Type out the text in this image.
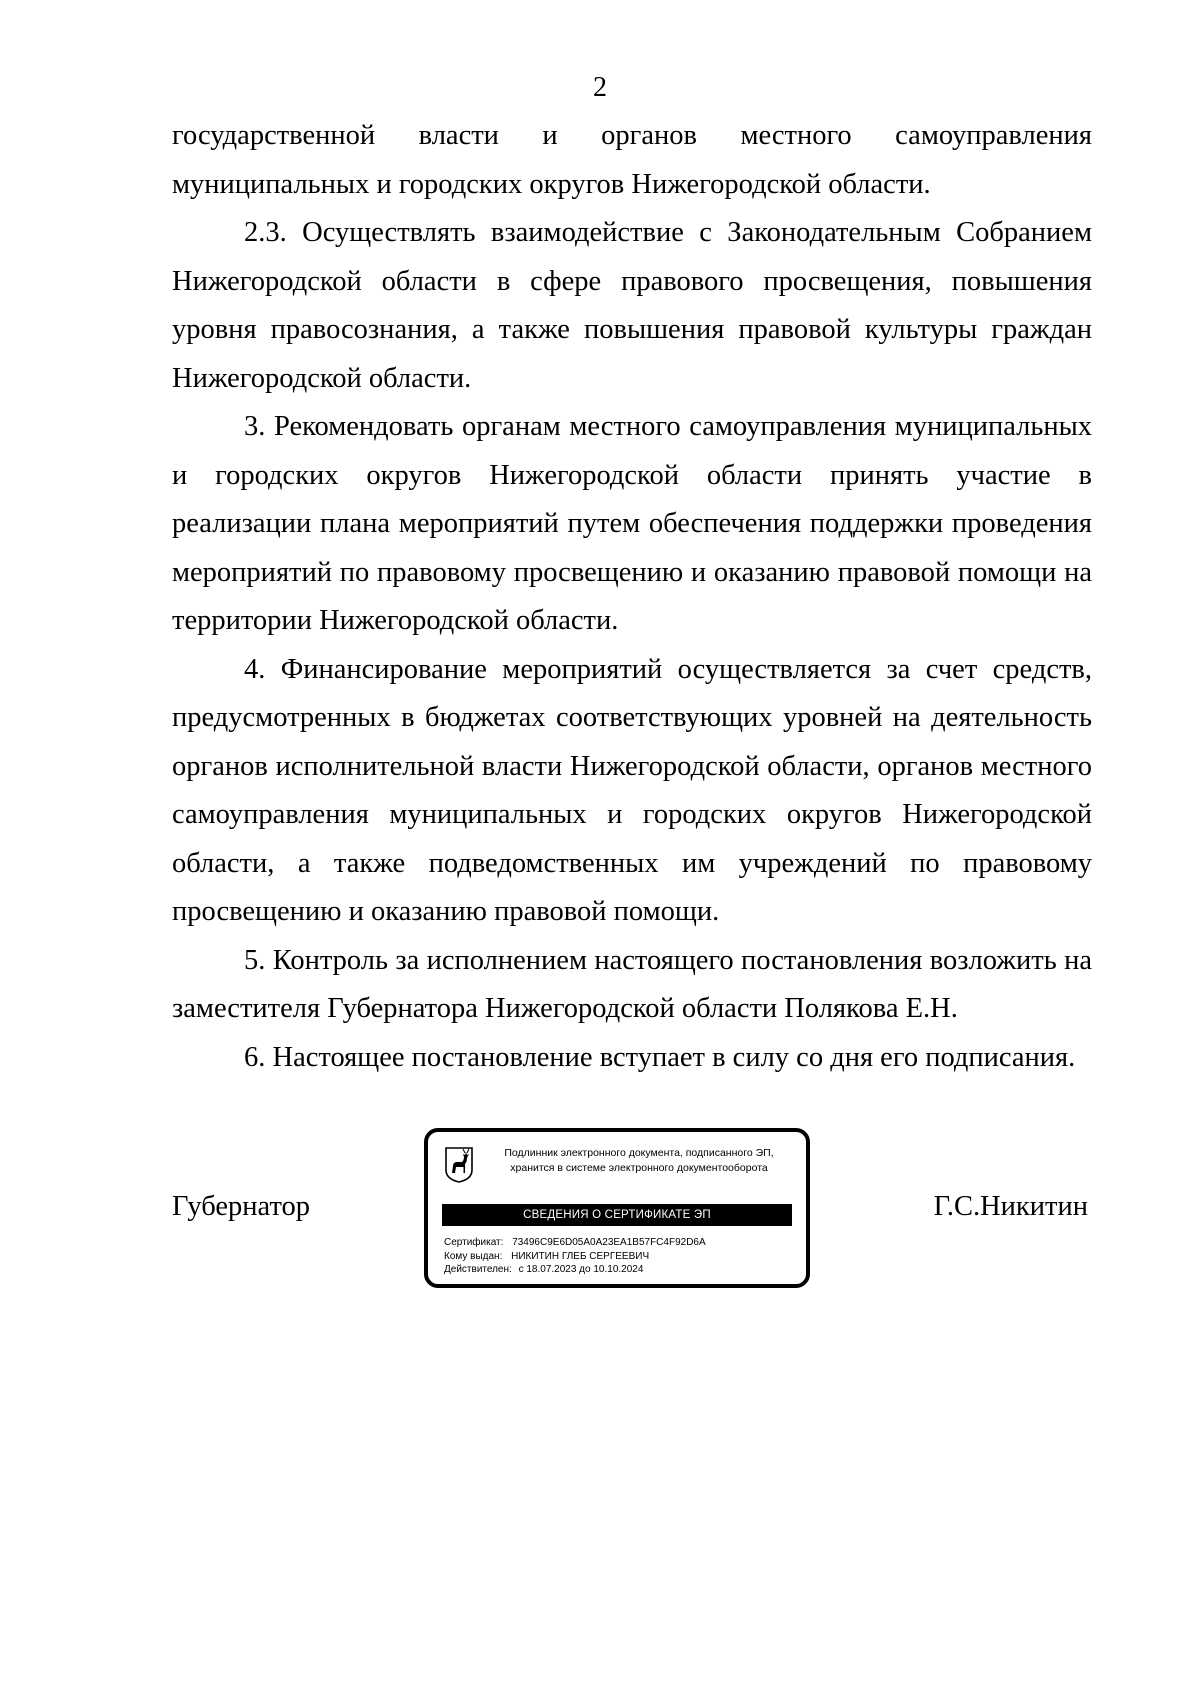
2

государственной власти и органов местного самоуправления муниципальных и городских округов Нижегородской области.

2.3. Осуществлять взаимодействие с Законодательным Собранием Нижегородской области в сфере правового просвещения, повышения уровня правосознания, а также повышения правовой культуры граждан Нижегородской области.

3. Рекомендовать органам местного самоуправления муниципальных и городских округов Нижегородской области принять участие в реализации плана мероприятий путем обеспечения поддержки проведения мероприятий по правовому просвещению и оказанию правовой помощи на территории Нижегородской области.

4. Финансирование мероприятий осуществляется за счет средств, предусмотренных в бюджетах соответствующих уровней на деятельность органов исполнительной власти Нижегородской области, органов местного самоуправления муниципальных и городских округов Нижегородской области, а также подведомственных им учреждений по правовому просвещению и оказанию правовой помощи.

5. Контроль за исполнением настоящего постановления возложить на заместителя Губернатора Нижегородской области Полякова Е.Н.

6. Настоящее постановление вступает в силу со дня его подписания.

Губернатор
Подлинник электронного документа, подписанного ЭП,
хранится в системе электронного документооборота
СВЕДЕНИЯ О СЕРТИФИКАТЕ ЭП
Сертификат: 73496C9E6D05A0A23EA1B57FC4F92D6A
Кому выдан: НИКИТИН ГЛЕБ СЕРГЕЕВИЧ
Действителен: с 18.07.2023 до 10.10.2024
Г.С.Никитин
